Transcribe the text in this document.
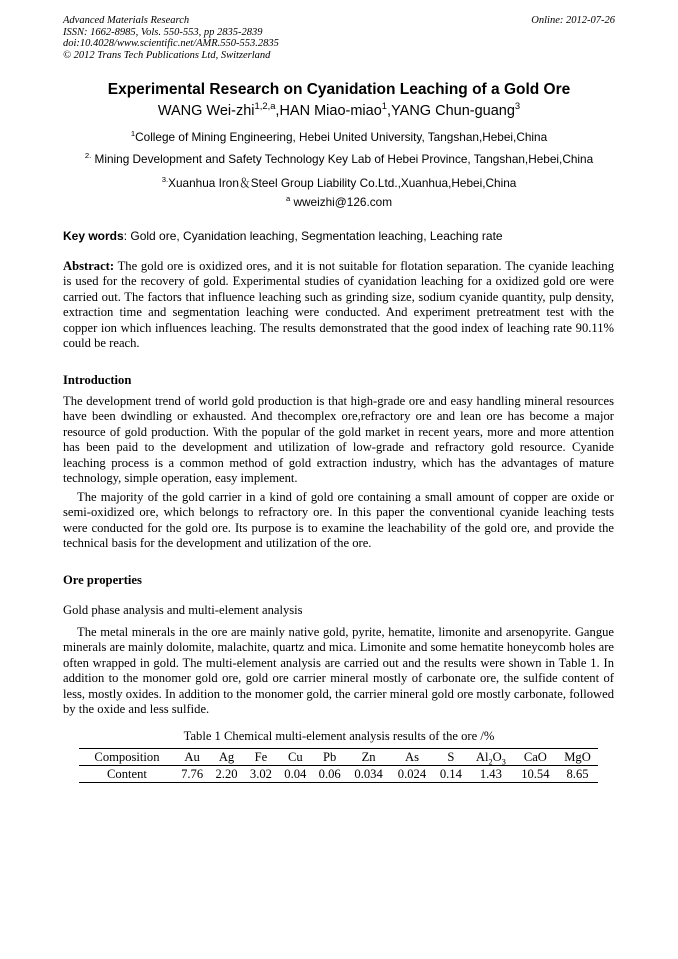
Advanced Materials Research
ISSN: 1662-8985, Vols. 550-553, pp 2835-2839
doi:10.4028/www.scientific.net/AMR.550-553.2835
© 2012 Trans Tech Publications Ltd, Switzerland
Online: 2012-07-26
Experimental Research on Cyanidation Leaching of a Gold Ore
WANG Wei-zhi$^{1,2,a}$,HAN Miao-miao$^1$,YANG Chun-guang$^3$
$^1$College of Mining Engineering, Hebei United University, Tangshan,Hebei,China
$^{2.}$ Mining Development and Safety Technology Key Lab of Hebei Province, Tangshan,Hebei,China
$^{3.}$Xuanhua Iron＆Steel Group Liability Co.Ltd.,Xuanhua,Hebei,China
$^a$ wweizhi@126.com
Key words: Gold ore, Cyanidation leaching, Segmentation leaching, Leaching rate
Abstract: The gold ore is oxidized ores, and it is not suitable for flotation separation. The cyanide leaching is used for the recovery of gold. Experimental studies of cyanidation leaching for a oxidized gold ore were carried out. The factors that influence leaching such as grinding size, sodium cyanide quantity, pulp density, extraction time and segmentation leaching were conducted. And experiment pretreatment test with the copper ion which influences leaching. The results demonstrated that the good index of leaching rate 90.11% could be reach.
Introduction
The development trend of world gold production is that high-grade ore and easy handling mineral resources have been dwindling or exhausted. And thecomplex ore,refractory ore and lean ore has become a major resource of gold production. With the popular of the gold market in recent years, more and more attention has been paid to the development and utilization of low-grade and refractory gold resource. Cyanide leaching process is a common method of gold extraction industry, which has the advantages of mature technology, simple operation, easy implement.
The majority of the gold carrier in a kind of gold ore containing a small amount of copper are oxide or semi-oxidized ore, which belongs to refractory ore. In this paper the conventional cyanide leaching tests were conducted for the gold ore. Its purpose is to examine the leachability of the gold ore, and provide the technical basis for the development and utilization of the ore.
Ore properties
Gold phase analysis and multi-element analysis
The metal minerals in the ore are mainly native gold, pyrite, hematite, limonite and arsenopyrite. Gangue minerals are mainly dolomite, malachite, quartz and mica. Limonite and some hematite honeycomb holes are often wrapped in gold. The multi-element analysis are carried out and the results were shown in Table 1. In addition to the monomer gold ore, gold ore carrier mineral mostly of carbonate ore, the sulfide content of less, mostly oxides. In addition to the monomer gold, the carrier mineral gold ore mostly carbonate, followed by the oxide and less sulfide.
Table 1 Chemical multi-element analysis results of the ore /%
Composition	Au	Ag	Fe	Cu	Pb	Zn	As	S	$Al_2O_3$	CaO	MgO
Content	7.76	2.20	3.02	0.04	0.06	0.034	0.024	0.14	1.43	10.54	8.65
